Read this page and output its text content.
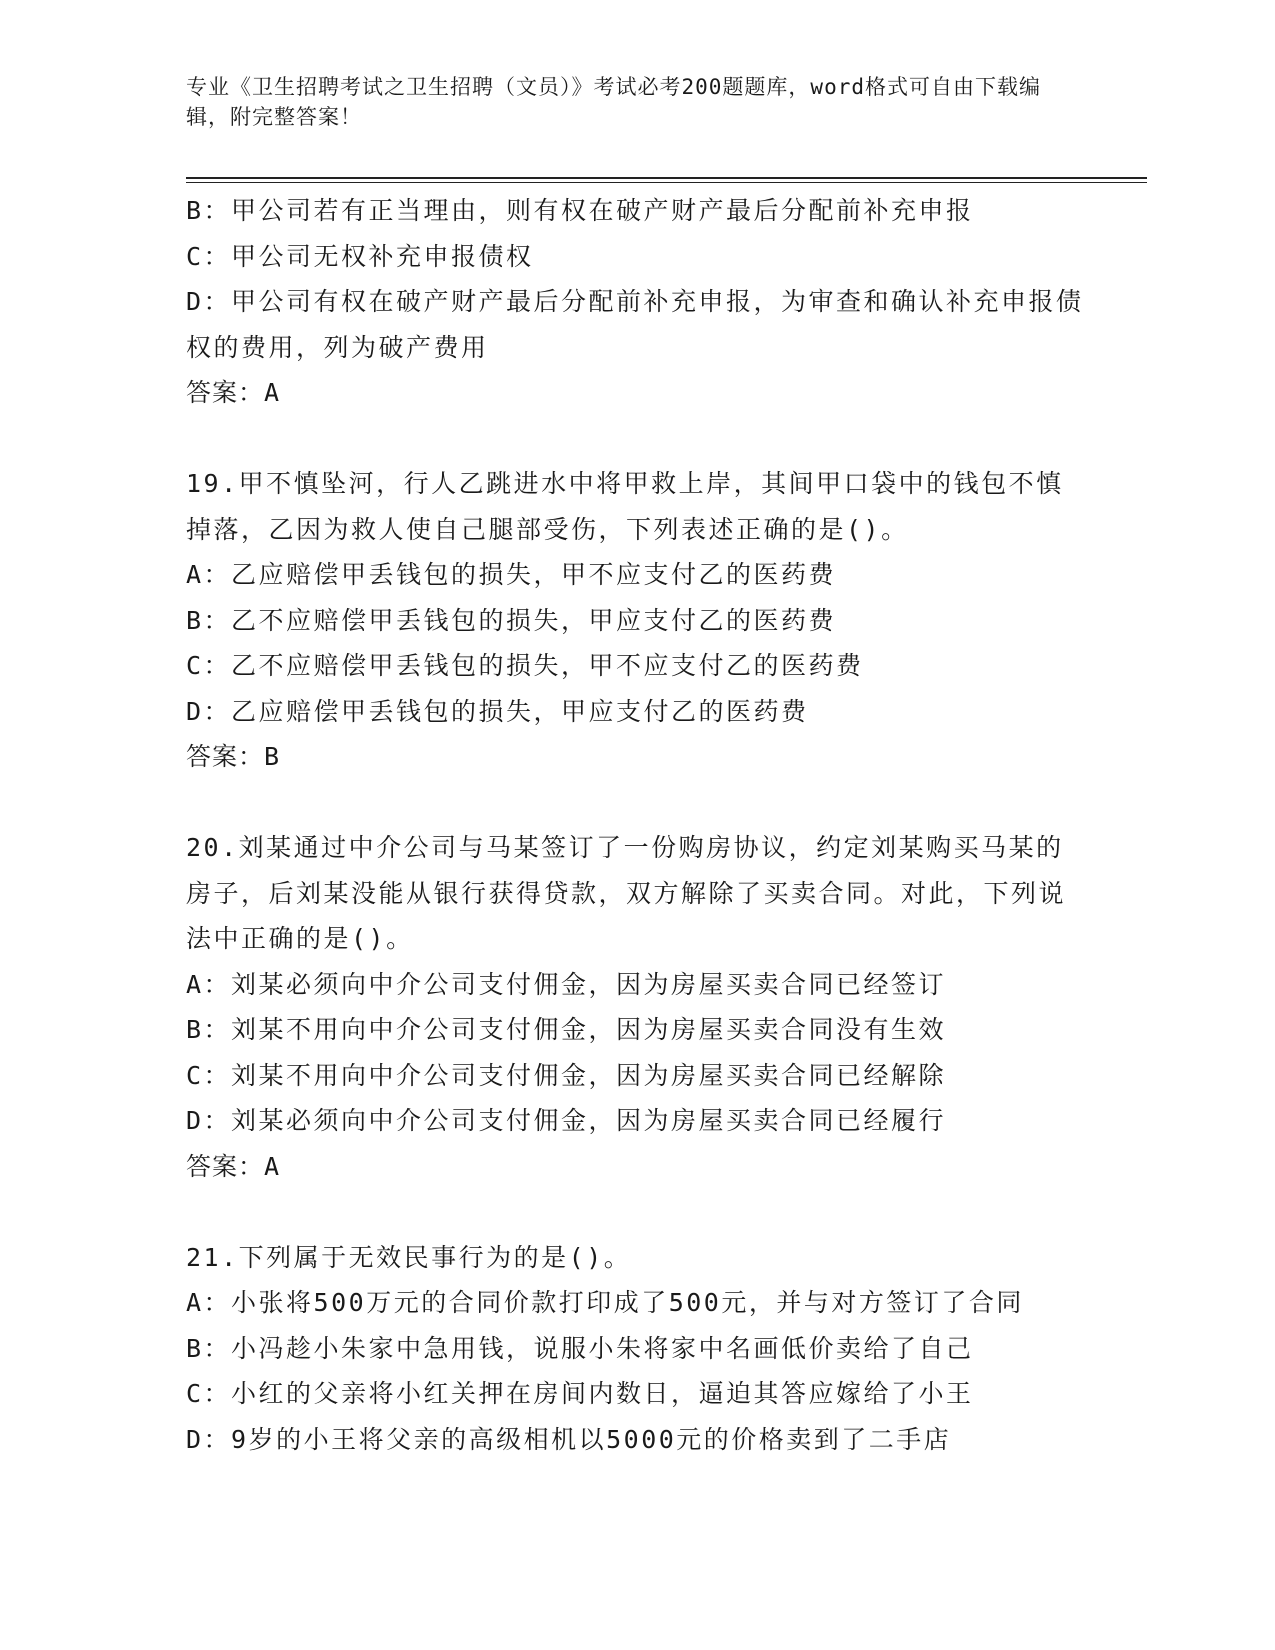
专业《卫生招聘考试之卫生招聘（文员）》考试必考200题题库，word格式可自由下载编辑，附完整答案！
B：甲公司若有正当理由，则有权在破产财产最后分配前补充申报
C：甲公司无权补充申报债权
D：甲公司有权在破产财产最后分配前补充申报，为审查和确认补充申报债权的费用，列为破产费用
答案：A
19.甲不慎坠河，行人乙跳进水中将甲救上岸，其间甲口袋中的钱包不慎掉落，乙因为救人使自己腿部受伤，下列表述正确的是()。
A：乙应赔偿甲丢钱包的损失，甲不应支付乙的医药费
B：乙不应赔偿甲丢钱包的损失，甲应支付乙的医药费
C：乙不应赔偿甲丢钱包的损失，甲不应支付乙的医药费
D：乙应赔偿甲丢钱包的损失，甲应支付乙的医药费
答案：B
20.刘某通过中介公司与马某签订了一份购房协议，约定刘某购买马某的房子，后刘某没能从银行获得贷款，双方解除了买卖合同。对此，下列说法中正确的是()。
A：刘某必须向中介公司支付佣金，因为房屋买卖合同已经签订
B：刘某不用向中介公司支付佣金，因为房屋买卖合同没有生效
C：刘某不用向中介公司支付佣金，因为房屋买卖合同已经解除
D：刘某必须向中介公司支付佣金，因为房屋买卖合同已经履行
答案：A
21.下列属于无效民事行为的是()。
A：小张将500万元的合同价款打印成了500元，并与对方签订了合同
B：小冯趁小朱家中急用钱，说服小朱将家中名画低价卖给了自己
C：小红的父亲将小红关押在房间内数日，逼迫其答应嫁给了小王
D：9岁的小王将父亲的高级相机以5000元的价格卖到了二手店
